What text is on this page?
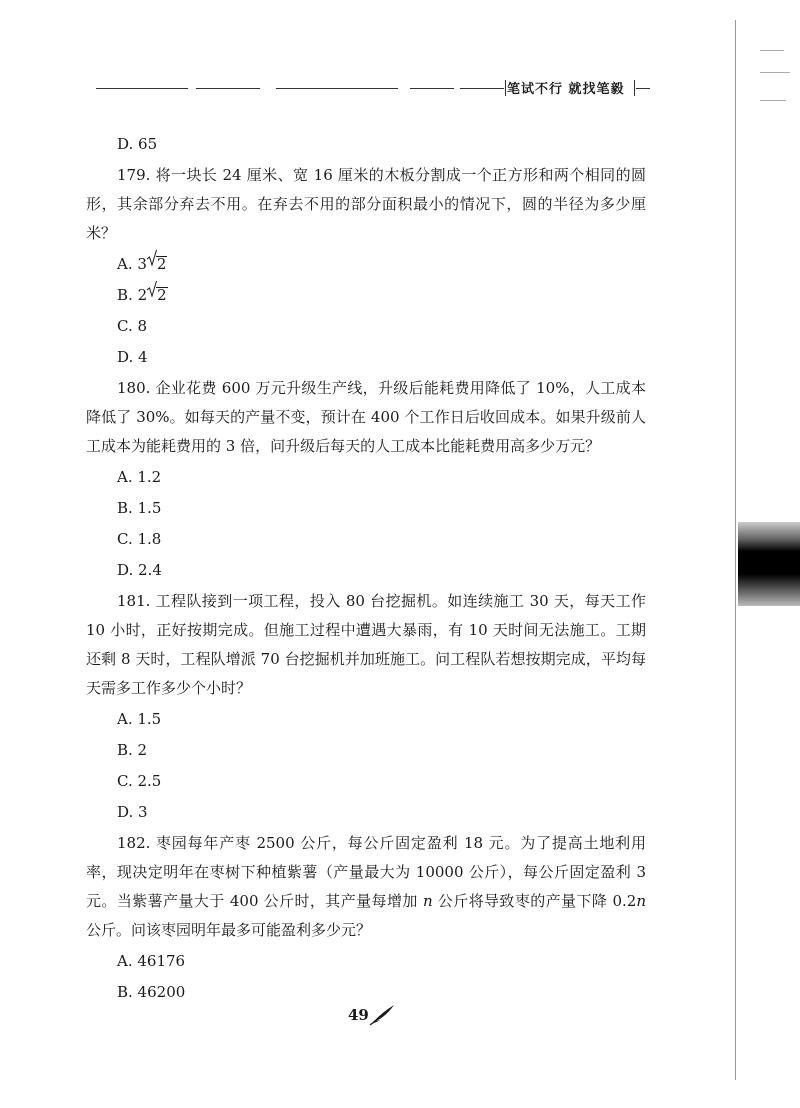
笔试不行 就找笔毅
D. 65

179. 将一块长 24 厘米、宽 16 厘米的木板分割成一个正方形和两个相同的圆形，其余部分弃去不用。在弃去不用的部分面积最小的情况下，圆的半径为多少厘米？

A. 3 2
B. 2 2
C. 8
D. 4

180. 企业花费 600 万元升级生产线，升级后能耗费用降低了 10%，人工成本降低了 30%。如每天的产量不变，预计在 400 个工作日后收回成本。如果升级前人工成本为能耗费用的 3 倍，问升级后每天的人工成本比能耗费用高多少万元？

A. 1.2
B. 1.5
C. 1.8
D. 2.4

181. 工程队接到一项工程，投入 80 台挖掘机。如连续施工 30 天，每天工作 10 小时，正好按期完成。但施工过程中遭遇大暴雨，有 10 天时间无法施工。工期还剩 8 天时，工程队增派 70 台挖掘机并加班施工。问工程队若想按期完成，平均每天需多工作多少个小时？

A. 1.5
B. 2
C. 2.5
D. 3

182. 枣园每年产枣 2500 公斤，每公斤固定盈利 18 元。为了提高土地利用率，现决定明年在枣树下种植紫薯（产量最大为 10000 公斤），每公斤固定盈利 3 元。当紫薯产量大于 400 公斤时，其产量每增加 n 公斤将导致枣的产量下降 0.2n 公斤。问该枣园明年最多可能盈利多少元？

A. 46176
B. 46200
49
